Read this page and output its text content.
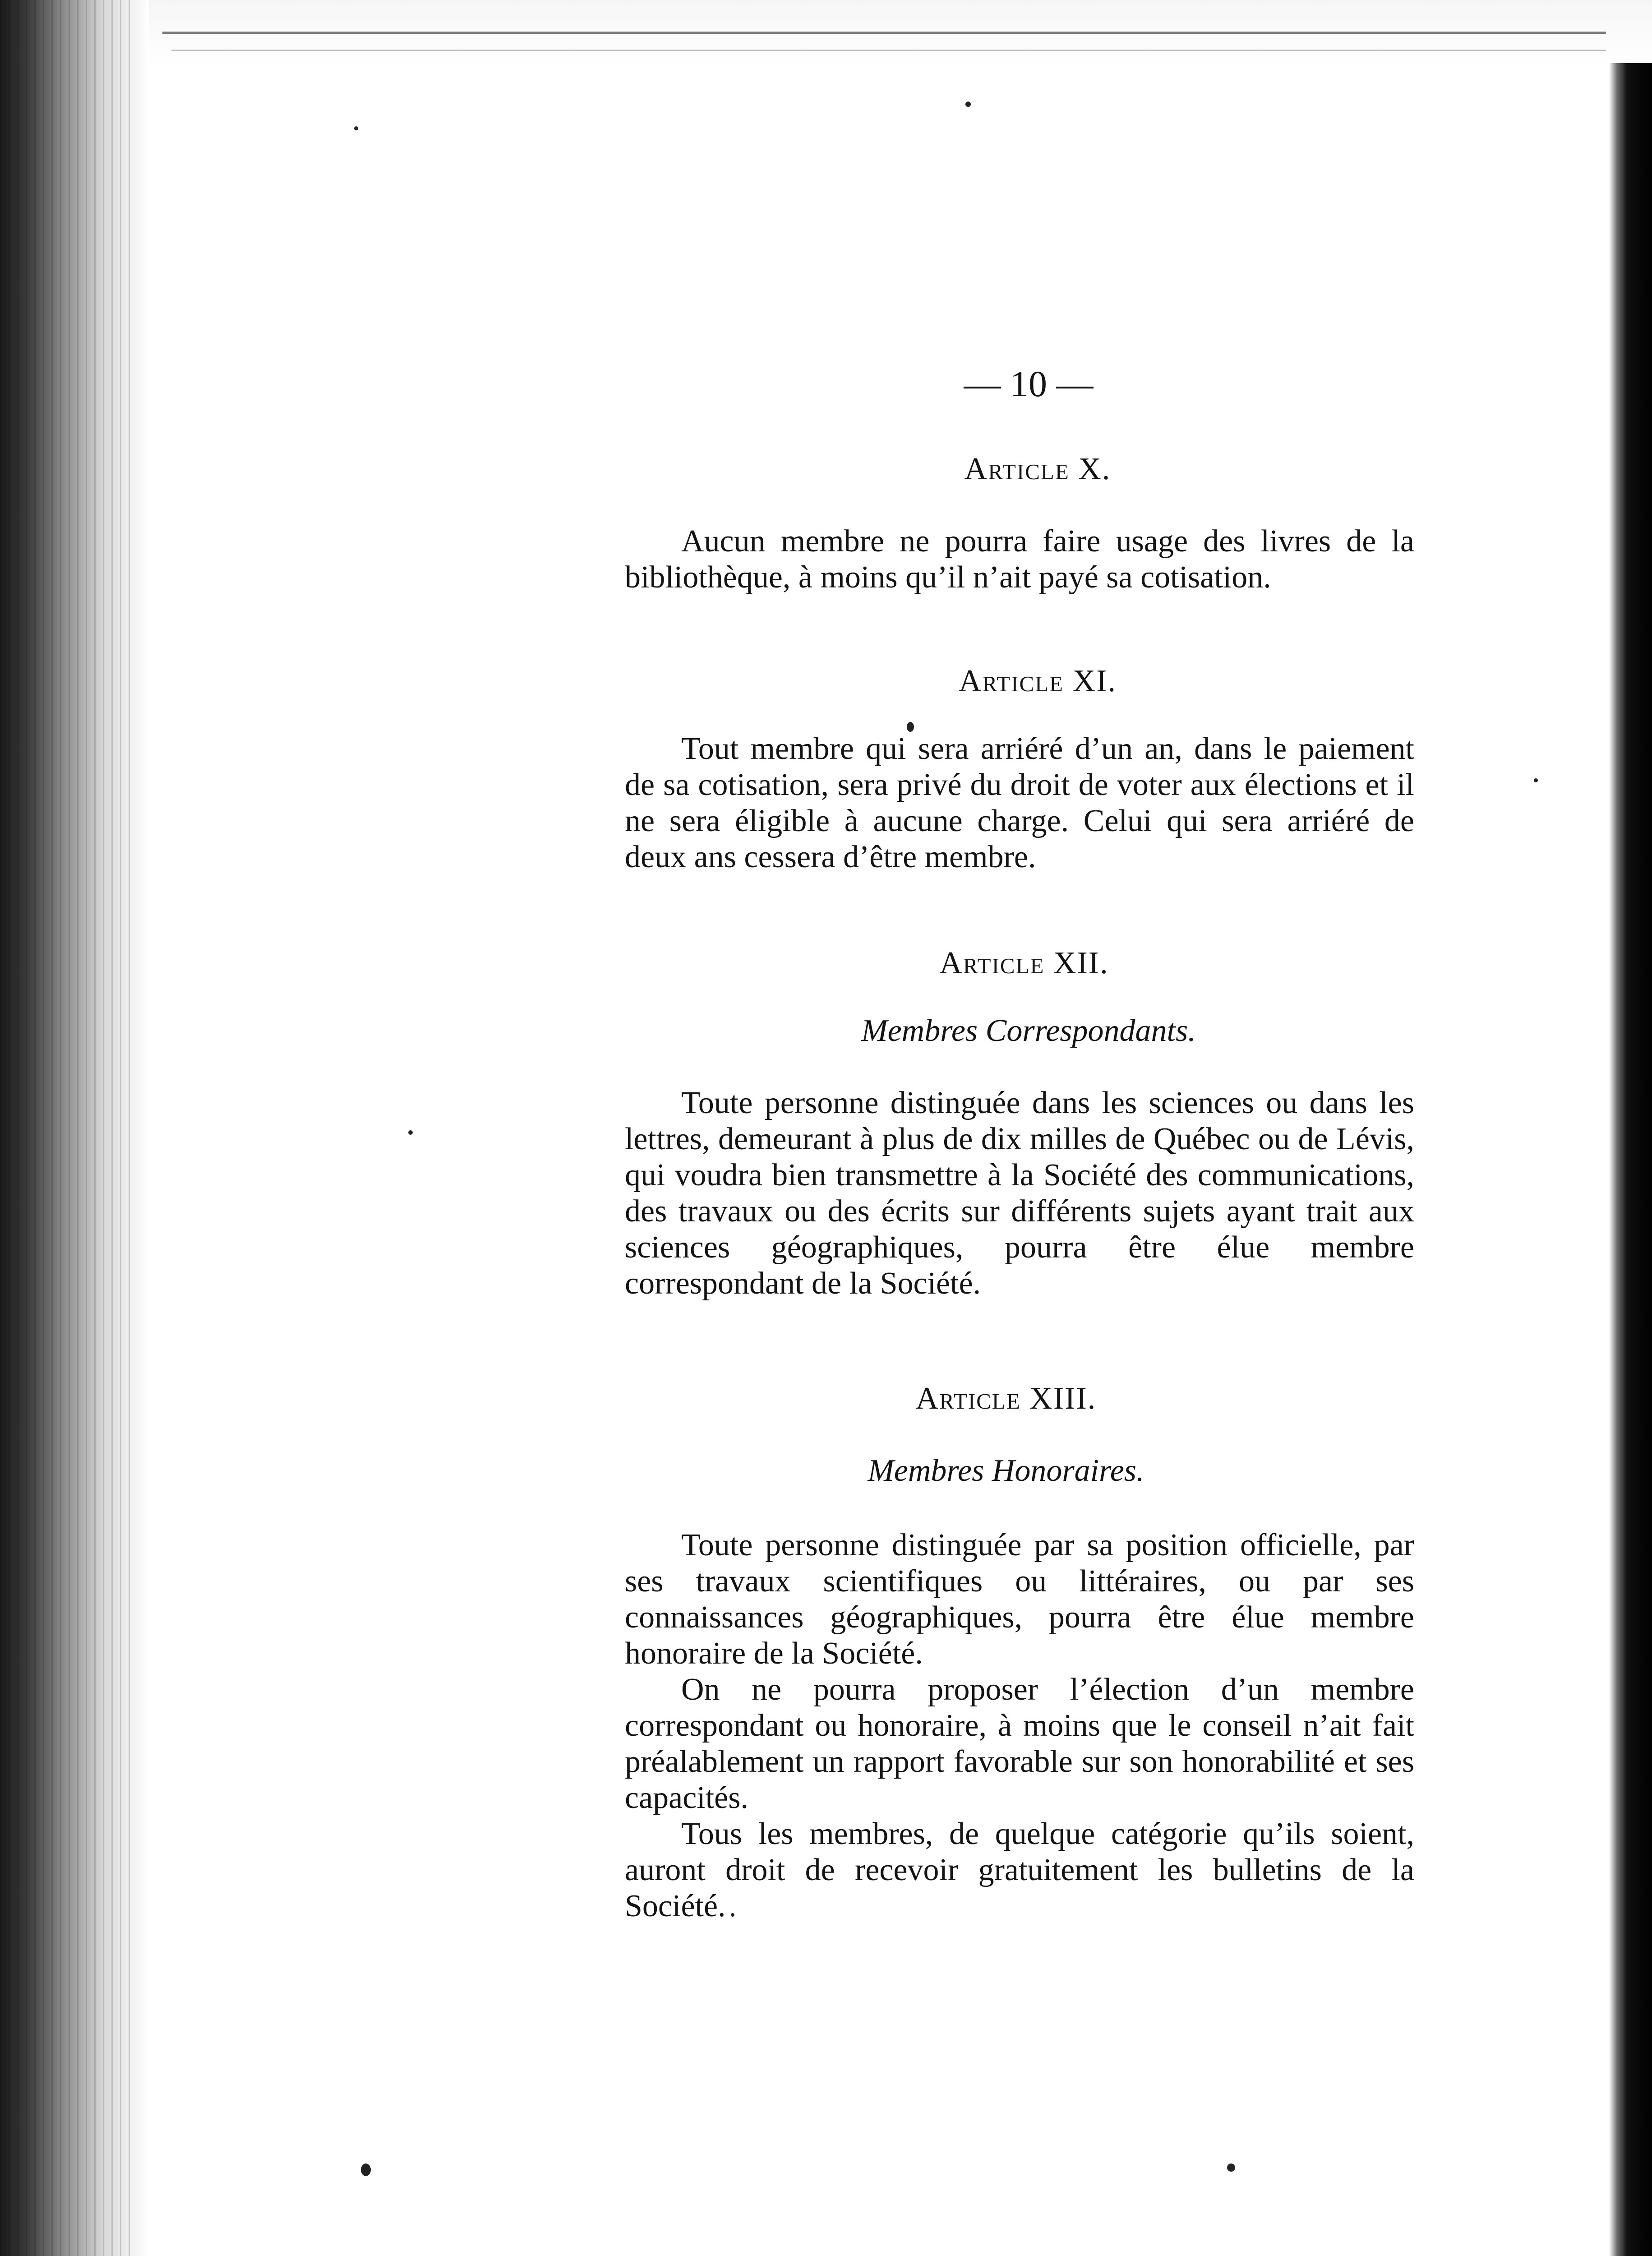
— 10 —
Article X.

Aucun membre ne pourra faire usage des livres de la bibliothèque, à moins qu’il n’ait payé sa cotisation.

Article XI.

Tout membre qui sera arriéré d’un an, dans le paiement de sa cotisation, sera privé du droit de voter aux élections et il ne sera éligible à aucune charge. Celui qui sera arriéré de deux ans cessera d’être membre.

Article XII.
Membres Correspondants.

Toute personne distinguée dans les sciences ou dans les lettres, demeurant à plus de dix milles de Québec ou de Lévis, qui voudra bien transmettre à la Société des communications, des travaux ou des écrits sur différents sujets ayant trait aux sciences géographiques, pourra être élue membre correspondant de la Société.

Article XIII.
Membres Honoraires.

Toute personne distinguée par sa position officielle, par ses travaux scientifiques ou littéraires, ou par ses connaissances géographiques, pourra être élue membre honoraire de la Société.

On ne pourra proposer l’élection d’un membre correspondant ou honoraire, à moins que le conseil n’ait fait préalablement un rapport favorable sur son honorabilité et ses capacités.

Tous les membres, de quelque catégorie qu’ils soient, auront droit de recevoir gratuitement les bulletins de la Société.
